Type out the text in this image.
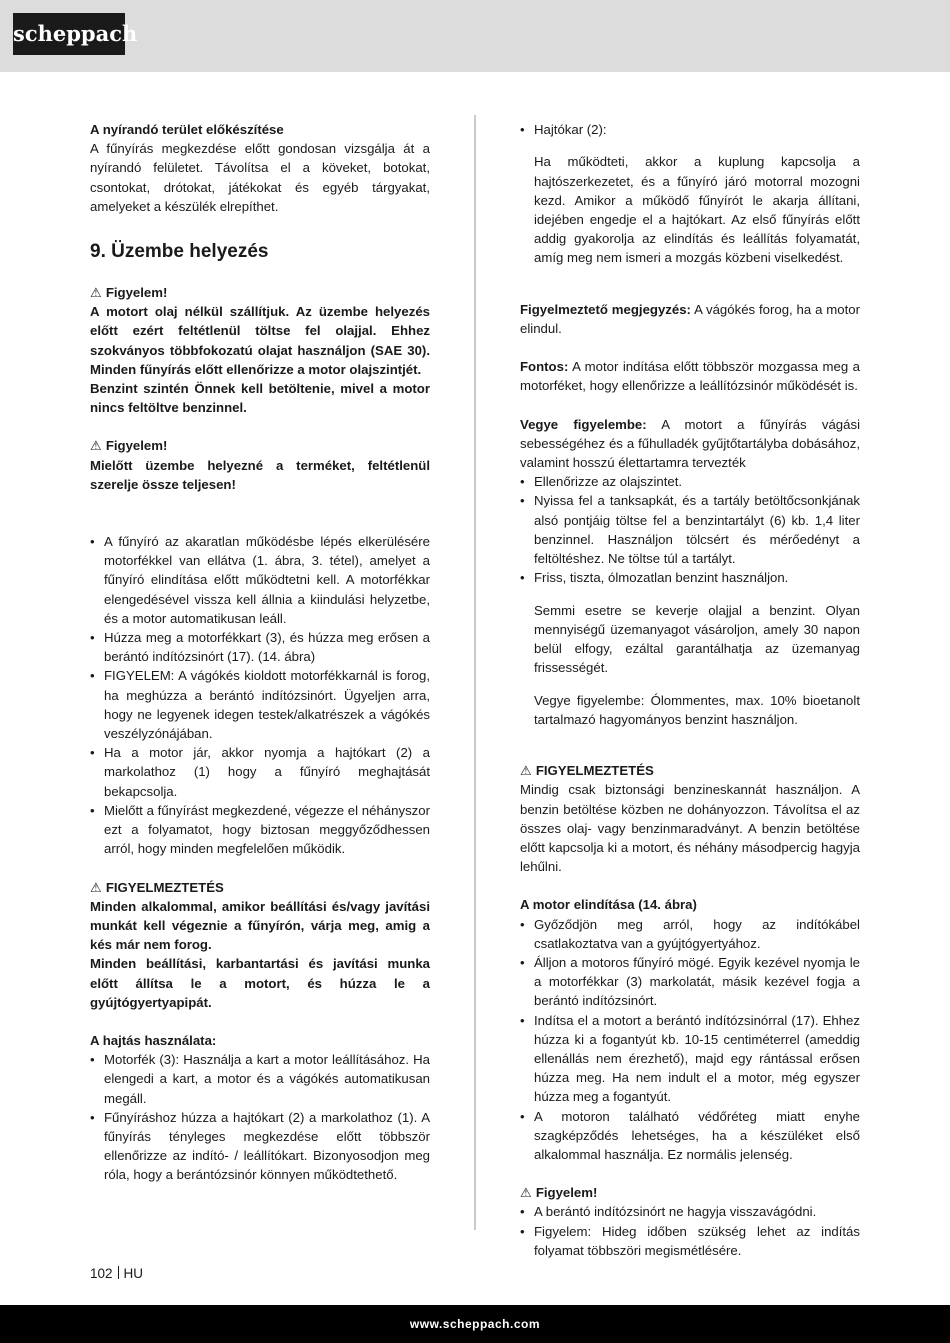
scheppach

A nyírandó terület előkészítése

A fűnyírás megkezdése előtt gondosan vizsgálja át a nyírandó felületet. Távolítsa el a köveket, botokat, csontokat, drótokat, játékokat és egyéb tárgyakat, amelyeket a készülék elrepíthet.

9. Üzembe helyezés

⚠ Figyelem!

A motort olaj nélkül szállítjuk. Az üzembe helyezés előtt ezért feltétlenül töltse fel olajjal. Ehhez szokványos többfokozatú olajat használjon (SAE 30). Minden fűnyírás előtt ellenőrizze a motor olajszintjét.

Benzint szintén Önnek kell betöltenie, mivel a motor nincs feltöltve benzinnel.

⚠ Figyelem!

Mielőtt üzembe helyezné a terméket, feltétlenül szerelje össze teljesen!

• A fűnyíró az akaratlan működésbe lépés elkerülésére motorfékkel van ellátva (1. ábra, 3. tétel), amelyet a fűnyíró elindítása előtt működtetni kell. A motorfékkar elengedésével vissza kell állnia a kiindulási helyzetbe, és a motor automatikusan leáll.
• Húzza meg a motorfékkart (3), és húzza meg erősen a berántó indítózsinórt (17). (14. ábra)
• FIGYELEM: A vágókés kioldott motorfékkarnál is forog, ha meghúzza a berántó indítózsinórt. Ügyeljen arra, hogy ne legyenek idegen testek/alkatrészek a vágókés veszélyzónájában.
• Ha a motor jár, akkor nyomja a hajtókart (2) a markolathoz (1) hogy a fűnyíró meghajtását bekapcsolja.
• Mielőtt a fűnyírást megkezdené, végezze el néhányszor ezt a folyamatot, hogy biztosan meggyőződhessen arról, hogy minden megfelelően működik.

⚠ FIGYELMEZTETÉS

Minden alkalommal, amikor beállítási és/vagy javítási munkát kell végeznie a fűnyírón, várja meg, amig a kés már nem forog.

Minden beállítási, karbantartási és javítási munka előtt állítsa le a motort, és húzza le a gyújtógyertyapipát.

A hajtás használata:

• Motorfék (3): Használja a kart a motor leállításához. Ha elengedi a kart, a motor és a vágókés automatikusan megáll.
• Fűnyíráshoz húzza a hajtókart (2) a markolathoz (1). A fűnyírás tényleges megkezdése előtt többször ellenőrizze az indító- / leállítókart. Bizonyosodjon meg róla, hogy a berántózsinór könnyen működtethető.
• Hajtókar (2):

Ha működteti, akkor a kuplung kapcsolja a hajtószerkezetet, és a fűnyíró járó motorral mozogni kezd. Amikor a működő fűnyírót le akarja állítani, idejében engedje el a hajtókart. Az első fűnyírás előtt addig gyakorolja az elindítás és leállítás folyamatát, amíg meg nem ismeri a mozgás közbeni viselkedést.

Figyelmeztető megjegyzés: A vágókés forog, ha a motor elindul.

Fontos: A motor indítása előtt többször mozgassa meg a motorféket, hogy ellenőrizze a leállítózsinór működését is.

Vegye figyelembe: A motort a fűnyírás vágási sebességéhez és a fűhulladék gyűjtőtartályba dobásához, valamint hosszú élettartamra tervezték

• Ellenőrizze az olajszintet.
• Nyissa fel a tanksapkát, és a tartály betöltőcsonkjának alsó pontjáig töltse fel a benzintartályt (6) kb. 1,4 liter benzinnel. Használjon tölcsért és mérőedényt a feltöltéshez. Ne töltse túl a tartályt.
• Friss, tiszta, ólmozatlan benzint használjon.

Semmi esetre se keverje olajjal a benzint. Olyan mennyiségű üzemanyagot vásároljon, amely 30 napon belül elfogy, ezáltal garantálhatja az üzemanyag frissességét.

Vegye figyelembe: Ólommentes, max. 10% bioetanolt tartalmazó hagyományos benzint használjon.

⚠ FIGYELMEZTETÉS

Mindig csak biztonsági benzineskannát használjon. A benzin betöltése közben ne dohányozzon. Távolítsa el az összes olaj- vagy benzinmaradványt. A benzin betöltése előtt kapcsolja ki a motort, és néhány másodpercig hagyja lehűlni.

A motor elindítása (14. ábra)

• Győződjön meg arról, hogy az indítókábel csatlakoztatva van a gyújtógyertyához.
• Álljon a motoros fűnyíró mögé. Egyik kezével nyomja le a motorfékkar (3) markolatát, másik kezével fogja a berántó indítózsinórt.
• Indítsa el a motort a berántó indítózsinórral (17). Ehhez húzza ki a fogantyút kb. 10-15 centiméterrel (ameddig ellenállás nem érezhető), majd egy rántással erősen húzza meg. Ha nem indult el a motor, még egyszer húzza meg a fogantyút.
• A motoron található védőréteg miatt enyhe szagképződés lehetséges, ha a készüléket első alkalommal használja. Ez normális jelenség.

⚠ Figyelem!

• A berántó indítózsinórt ne hagyja visszavágódni.
• Figyelem: Hideg időben szükség lehet az indítás folyamat többszöri megismétlésére.
102 HU
www.scheppach.com
